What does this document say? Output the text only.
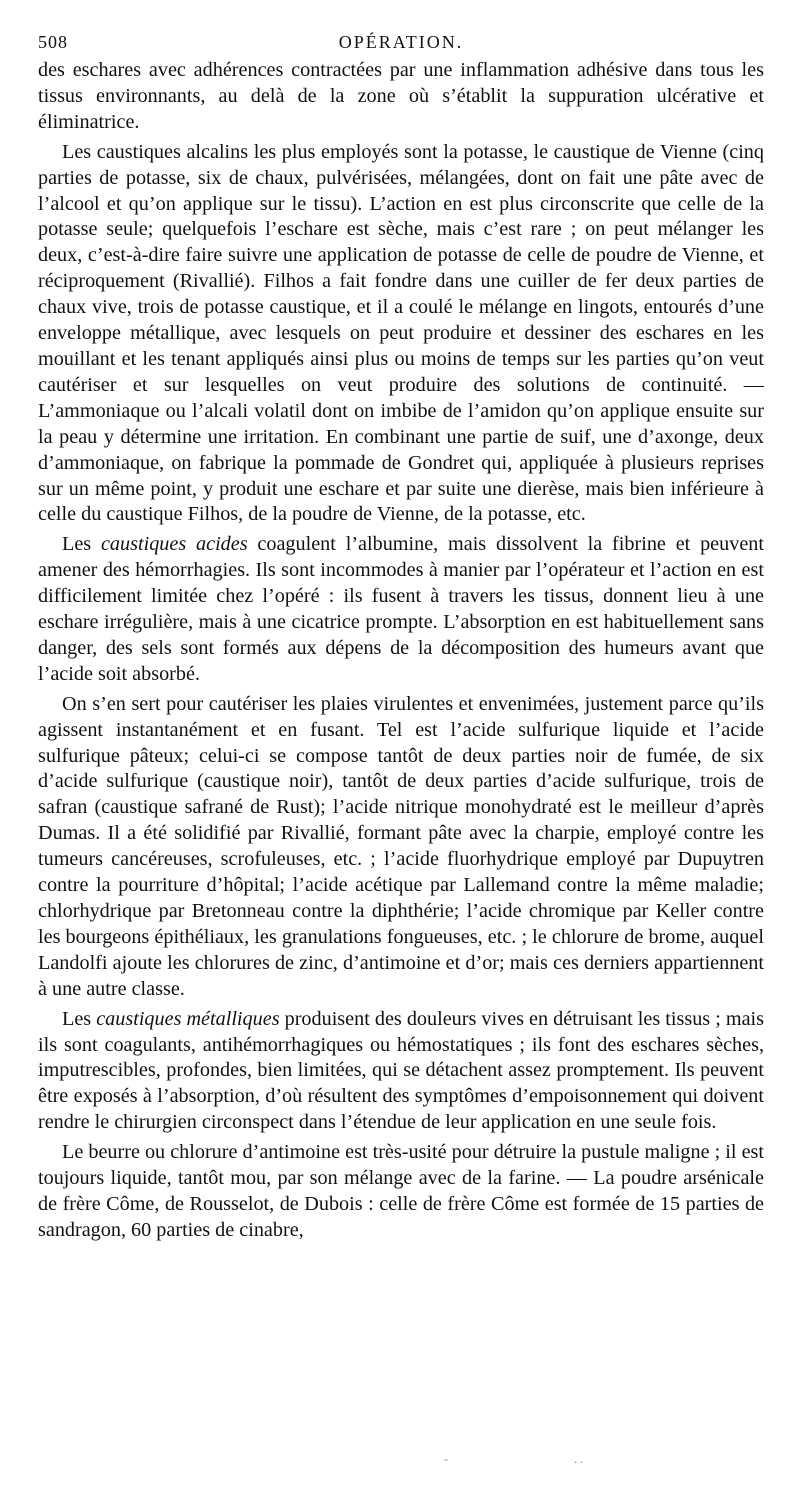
508	OPÉRATION.

des eschares avec adhérences contractées par une inflammation adhésive dans tous les tissus environnants, au delà de la zone où s’établit la suppuration ulcérative et éliminatrice.

Les caustiques alcalins les plus employés sont la potasse, le caustique de Vienne (cinq parties de potasse, six de chaux, pulvérisées, mélangées, dont on fait une pâte avec de l’alcool et qu’on applique sur le tissu). L’action en est plus circonscrite que celle de la potasse seule; quelquefois l’eschare est sèche, mais c’est rare ; on peut mélanger les deux, c’est-à-dire faire suivre une application de potasse de celle de poudre de Vienne, et réciproquement (Rivallié). Filhos a fait fondre dans une cuiller de fer deux parties de chaux vive, trois de potasse caustique, et il a coulé le mélange en lingots, entourés d’une enveloppe métallique, avec lesquels on peut produire et dessiner des eschares en les mouillant et les tenant appliqués ainsi plus ou moins de temps sur les parties qu’on veut cautériser et sur lesquelles on veut produire des solutions de continuité. — L’ammoniaque ou l’alcali volatil dont on imbibe de l’amidon qu’on applique ensuite sur la peau y détermine une irritation. En combinant une partie de suif, une d’axonge, deux d’ammoniaque, on fabrique la pommade de Gondret qui, appliquée à plusieurs reprises sur un même point, y produit une eschare et par suite une dierèse, mais bien inférieure à celle du caustique Filhos, de la poudre de Vienne, de la potasse, etc.

Les caustiques acides coagulent l’albumine, mais dissolvent la fibrine et peuvent amener des hémorrhagies. Ils sont incommodes à manier par l’opérateur et l’action en est difficilement limitée chez l’opéré : ils fusent à travers les tissus, donnent lieu à une eschare irrégulière, mais à une cicatrice prompte. L’absorption en est habituellement sans danger, des sels sont formés aux dépens de la décomposition des humeurs avant que l’acide soit absorbé.

On s’en sert pour cautériser les plaies virulentes et envenimées, justement parce qu’ils agissent instantanément et en fusant. Tel est l’acide sulfurique liquide et l’acide sulfurique pâteux; celui-ci se compose tantôt de deux parties noir de fumée, de six d’acide sulfurique (caustique noir), tantôt de deux parties d’acide sulfurique, trois de safran (caustique safrané de Rust); l’acide nitrique monohydraté est le meilleur d’après Dumas. Il a été solidifié par Rivallié, formant pâte avec la charpie, employé contre les tumeurs cancéreuses, scrofuleuses, etc. ; l’acide fluorhydrique employé par Dupuytren contre la pourriture d’hôpital; l’acide acétique par Lallemand contre la même maladie; chlorhydrique par Bretonneau contre la diphthérie; l’acide chromique par Keller contre les bourgeons épithéliaux, les granulations fongueuses, etc. ; le chlorure de brome, auquel Landolfi ajoute les chlorures de zinc, d’antimoine et d’or; mais ces derniers appartiennent à une autre classe.

Les caustiques métalliques produisent des douleurs vives en détruisant les tissus ; mais ils sont coagulants, antihémorrhagiques ou hémostatiques ; ils font des eschares sèches, imputrescibles, profondes, bien limitées, qui se détachent assez promptement. Ils peuvent être exposés à l’absorption, d’où résultent des symptômes d’empoisonnement qui doivent rendre le chirurgien circonspect dans l’étendue de leur application en une seule fois.

Le beurre ou chlorure d’antimoine est très-usité pour détruire la pustule maligne ; il est toujours liquide, tantôt mou, par son mélange avec de la farine. — La poudre arsénicale de frère Côme, de Rousselot, de Dubois : celle de frère Côme est formée de 15 parties de sandragon, 60 parties de cinabre,

-	. .
